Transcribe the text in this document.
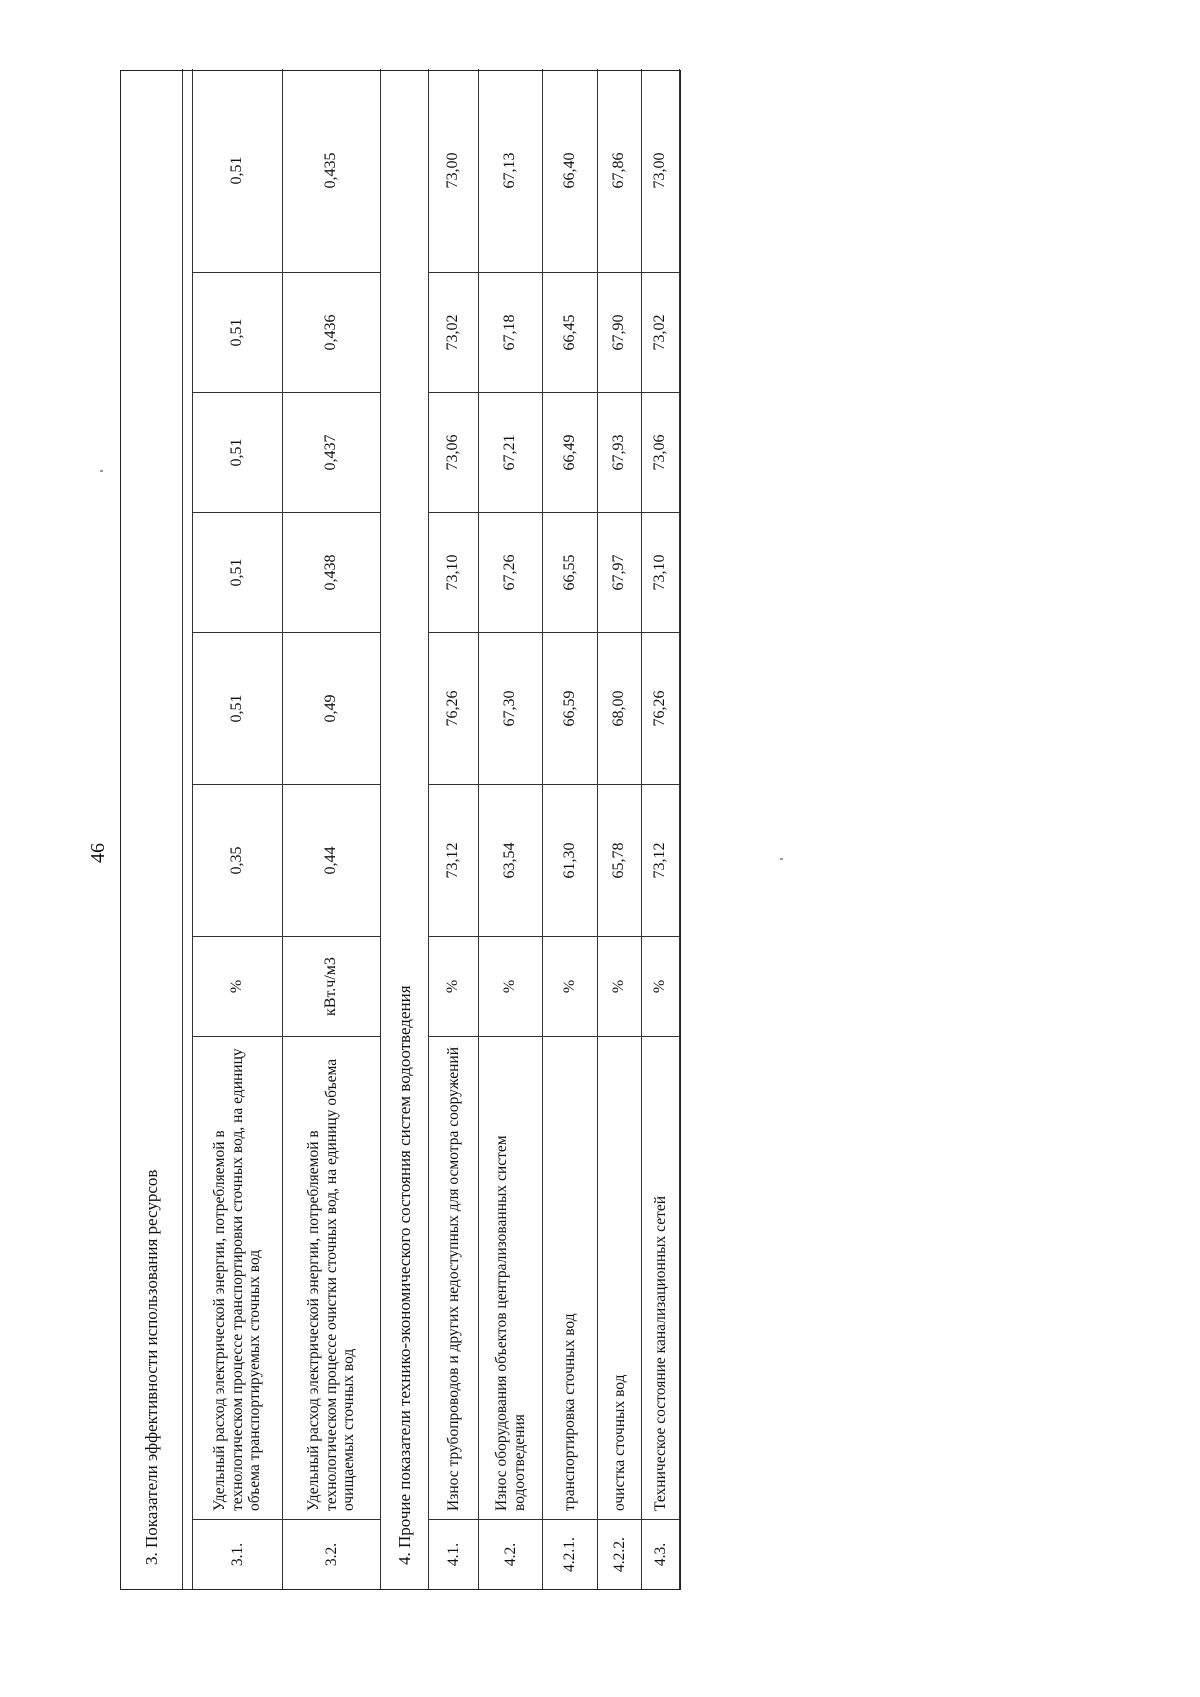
46
3. Показатели эффективности использования ресурсов	3.1.
Удельный расход электрической энергии, потребляемой в технологическом процессе транспортировки сточных вод, на единицу объема транспортируемых сточных вод
%
0,35
0,51
0,51
0,51
0,51
0,51
3.2.
Удельный расход электрической энергии, потребляемой в технологическом процессе очистки сточных вод, на единицу объема очищаемых сточных вод
кВт.ч/м3
0,44
0,49
0,438
0,437
0,436
0,435
4. Прочие показатели технико-экономического состояния систем водоотведения	4.1.
Износ трубопроводов и других недоступных для осмотра сооружений
%
73,12
76,26
73,10
73,06
73,02
73,00
4.2.
Износ оборудования объектов централизованных систем водоотведения
%
63,54
67,30
67,26
67,21
67,18
67,13
4.2.1.
транспортировка сточных вод
%
61,30
66,59
66,55
66,49
66,45
66,40
4.2.2.
очистка сточных вод
%
65,78
68,00
67,97
67,93
67,90
67,86
4.3.
Техническое состояние канализационных сетей
%
73,12
76,26
73,10
73,06
73,02
73,00
